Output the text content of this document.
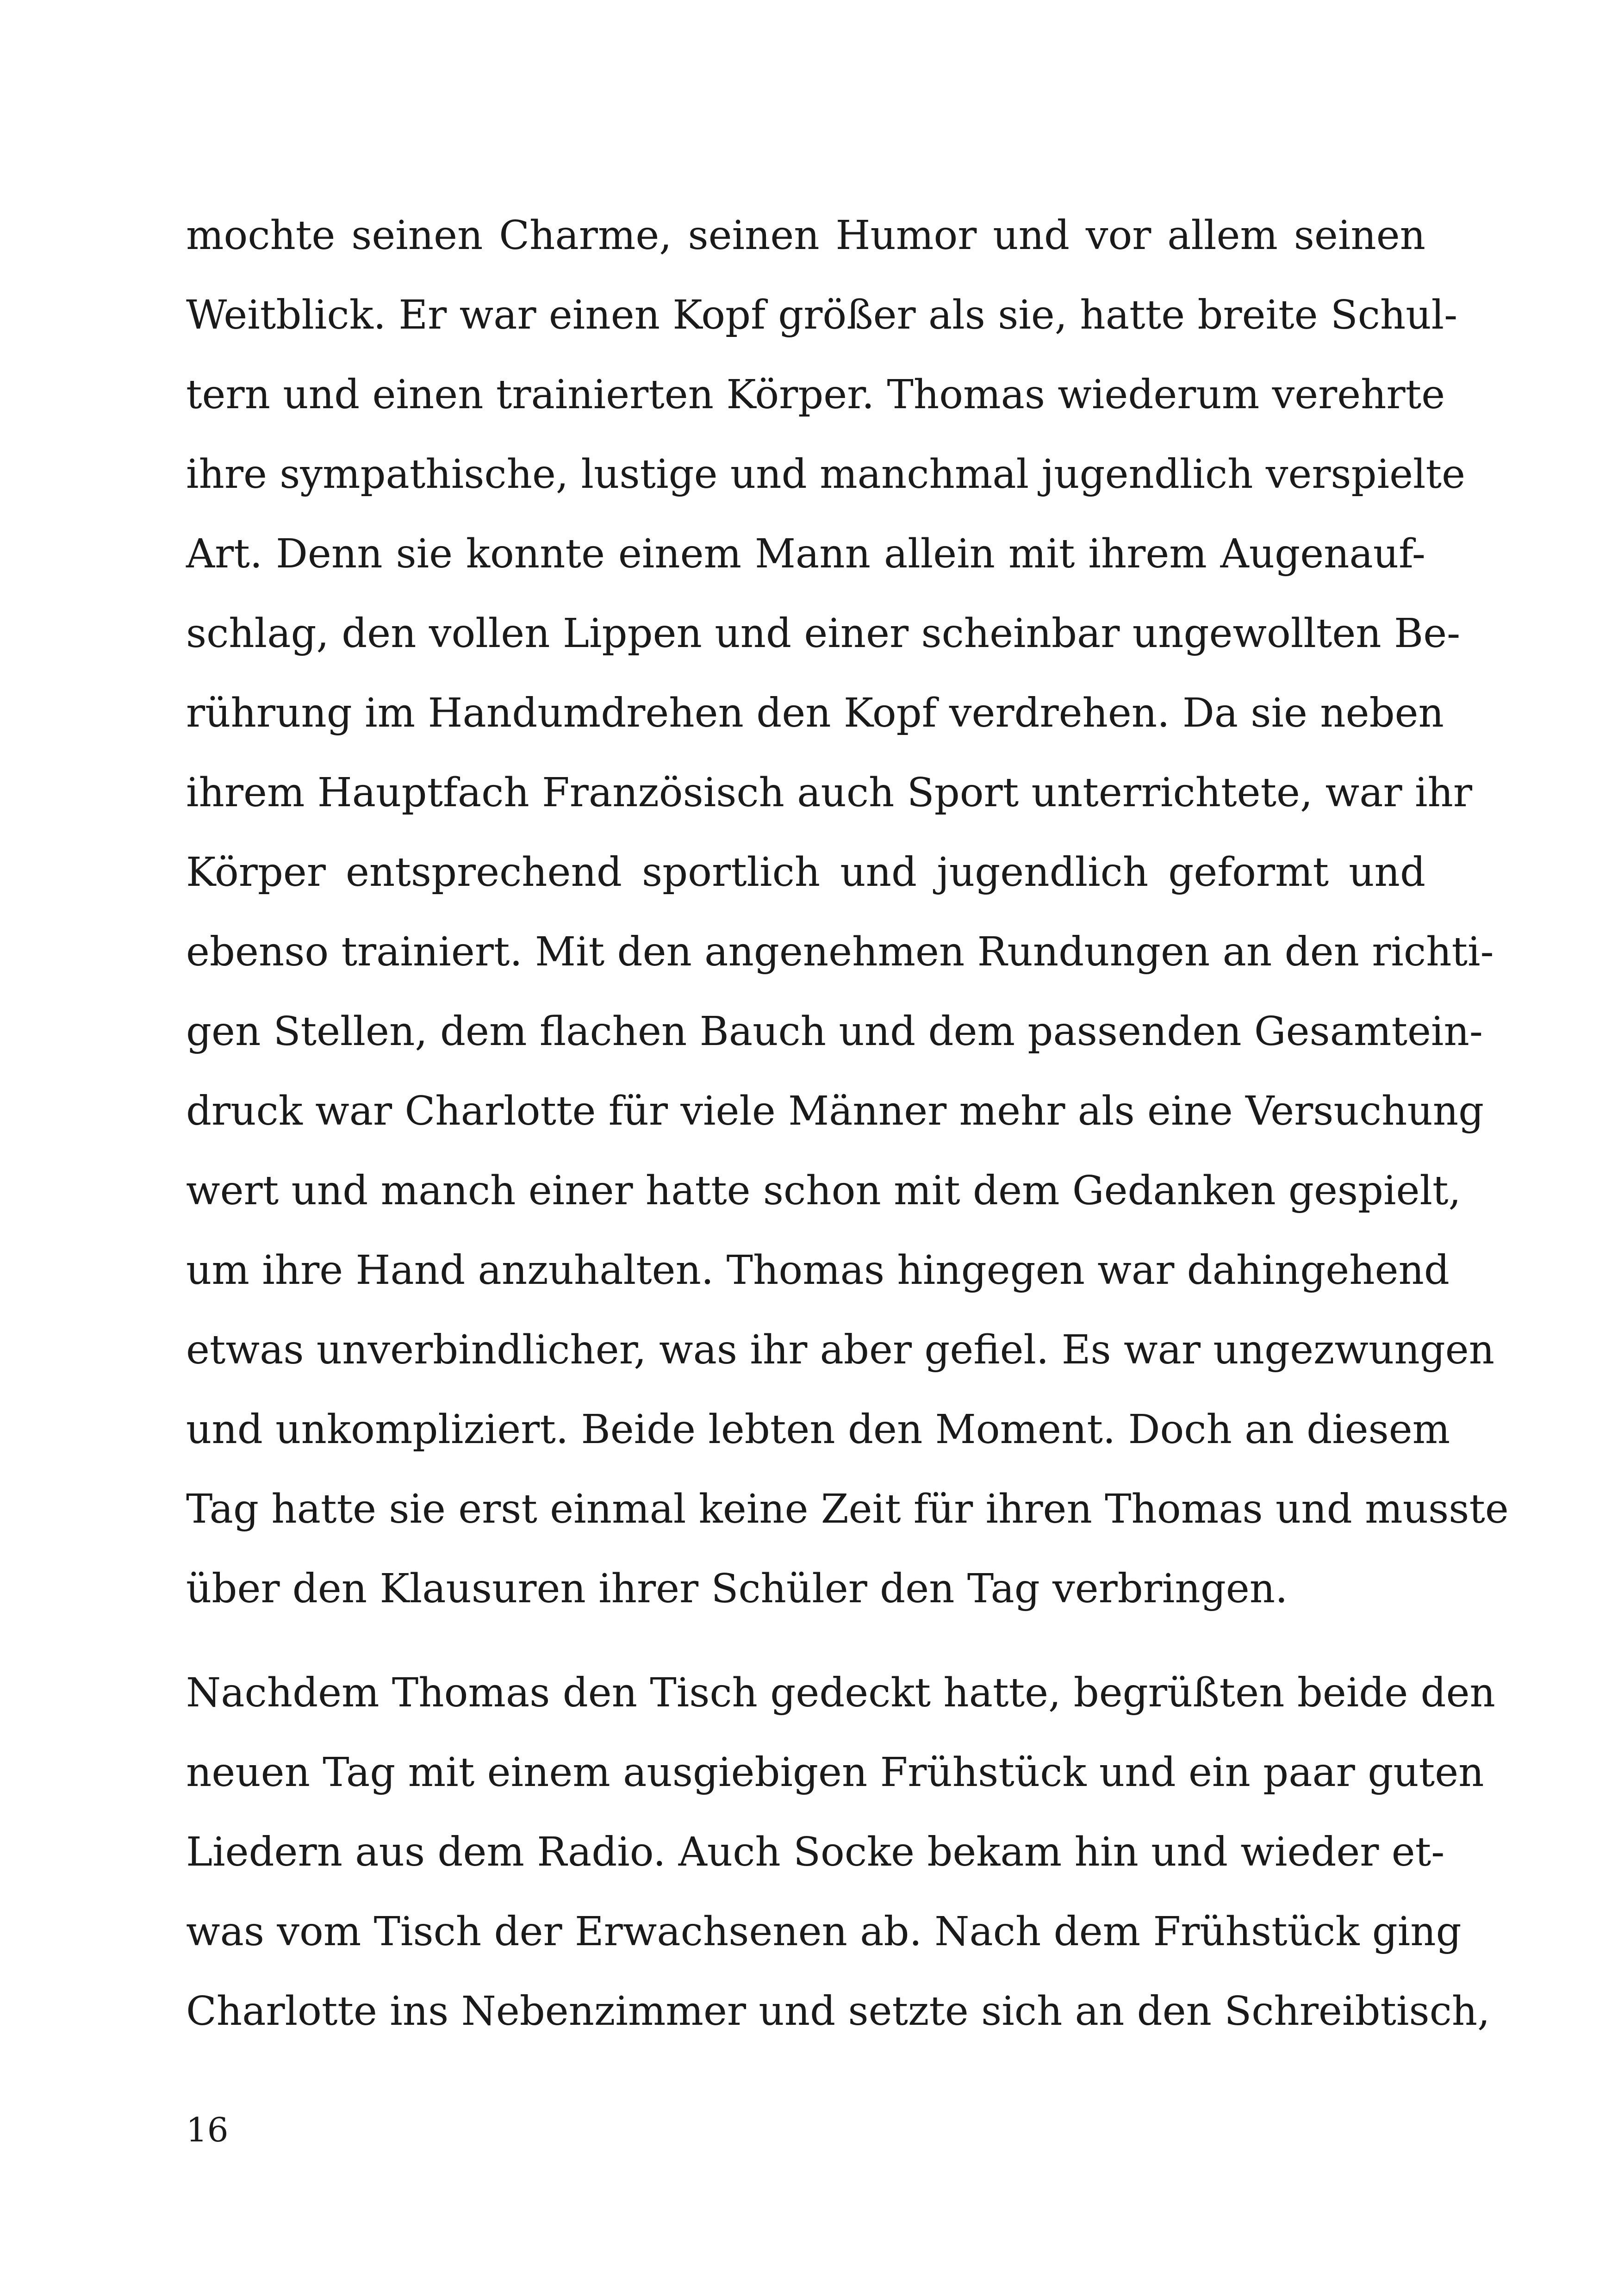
mochte seinen Charme, seinen Humor und vor allem seinen
Weitblick. Er war einen Kopf größer als sie, hatte breite Schul-
tern und einen trainierten Körper. Thomas wiederum verehrte
ihre sympathische, lustige und manchmal jugendlich verspielte
Art. Denn sie konnte einem Mann allein mit ihrem Augenauf-
schlag, den vollen Lippen und einer scheinbar ungewollten Be-
rührung im Handumdrehen den Kopf verdrehen. Da sie neben
ihrem Hauptfach Französisch auch Sport unterrichtete, war ihr
Körper entsprechend sportlich und jugendlich geformt und
ebenso trainiert. Mit den angenehmen Rundungen an den richti-
gen Stellen, dem flachen Bauch und dem passenden Gesamtein-
druck war Charlotte für viele Männer mehr als eine Versuchung
wert und manch einer hatte schon mit dem Gedanken gespielt,
um ihre Hand anzuhalten. Thomas hingegen war dahingehend
etwas unverbindlicher, was ihr aber gefiel. Es war ungezwungen
und unkompliziert. Beide lebten den Moment. Doch an diesem
Tag hatte sie erst einmal keine Zeit für ihren Thomas und musste
über den Klausuren ihrer Schüler den Tag verbringen.
Nachdem Thomas den Tisch gedeckt hatte, begrüßten beide den
neuen Tag mit einem ausgiebigen Frühstück und ein paar guten
Liedern aus dem Radio. Auch Socke bekam hin und wieder et-
was vom Tisch der Erwachsenen ab. Nach dem Frühstück ging
Charlotte ins Nebenzimmer und setzte sich an den Schreibtisch,
16
